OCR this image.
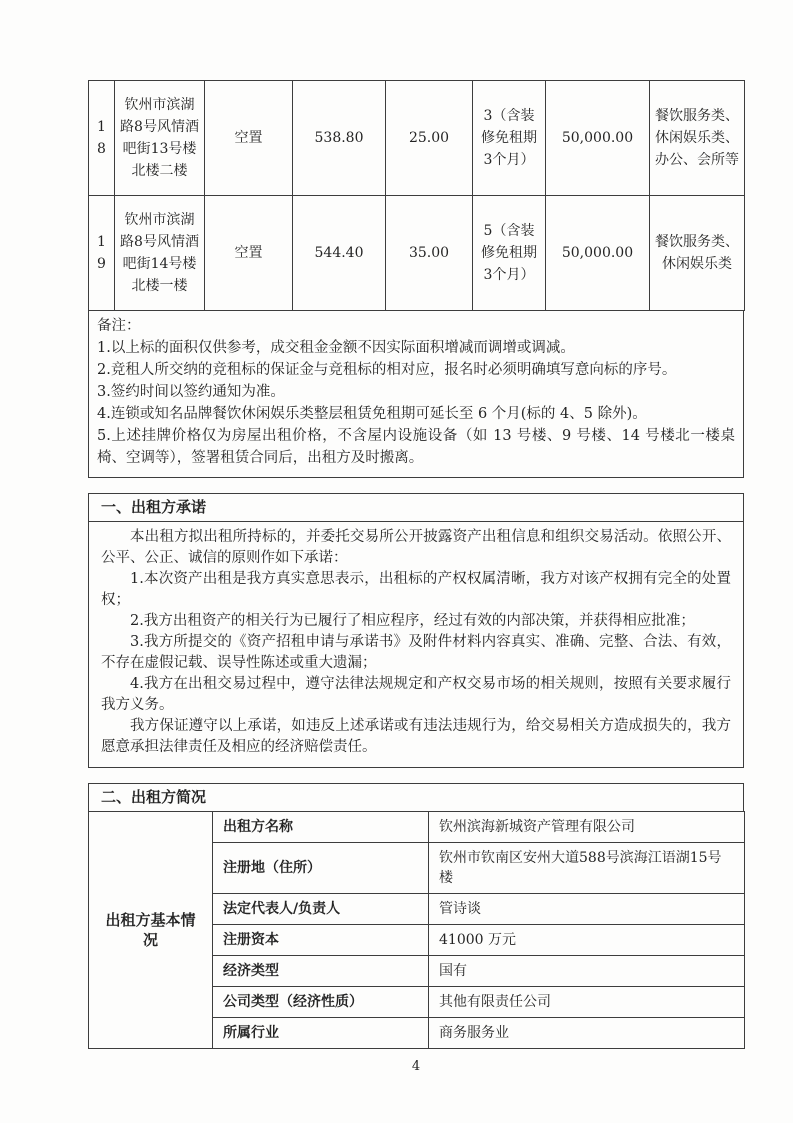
18	钦州市滨湖路8号风情酒吧街13号楼北楼二楼	空置	538.80	25.00	3（含装修免租期3个月）	50,000.00	餐饮服务类、休闲娱乐类、办公、会所等
19	钦州市滨湖路8号风情酒吧街14号楼北楼一楼	空置	544.40	35.00	5（含装修免租期3个月）	50,000.00	餐饮服务类、休闲娱乐类
备注：
1.以上标的面积仅供参考，成交租金金额不因实际面积增减而调增或调减。
2.竞租人所交纳的竞租标的保证金与竞租标的相对应，报名时必须明确填写意向标的序号。
3.签约时间以签约通知为准。
4.连锁或知名品牌餐饮休闲娱乐类整层租赁免租期可延长至 6 个月(标的 4、5 除外)。
5.上述挂牌价格仅为房屋出租价格，不含屋内设施设备（如 13 号楼、9 号楼、14 号楼北一楼桌椅、空调等），签署租赁合同后，出租方及时搬离。
一、出租方承诺

本出租方拟出租所持标的，并委托交易所公开披露资产出租信息和组织交易活动。依照公开、公平、公正、诚信的原则作如下承诺：

1.本次资产出租是我方真实意思表示，出租标的产权权属清晰，我方对该产权拥有完全的处置权；

2.我方出租资产的相关行为已履行了相应程序，经过有效的内部决策，并获得相应批准；

3.我方所提交的《资产招租申请与承诺书》及附件材料内容真实、准确、完整、合法、有效，不存在虚假记载、误导性陈述或重大遗漏；

4.我方在出租交易过程中，遵守法律法规规定和产权交易市场的相关规则，按照有关要求履行我方义务。

我方保证遵守以上承诺，如违反上述承诺或有违法违规行为，给交易相关方造成损失的，我方愿意承担法律责任及相应的经济赔偿责任。

二、出租方简况
出租方基本情况	出租方名称	钦州滨海新城资产管理有限公司
	注册地（住所）	钦州市钦南区安州大道588号滨海江语湖15号楼
	法定代表人/负责人	管诗谈
	注册资本	41000 万元
	经济类型	国有
	公司类型（经济性质）	其他有限责任公司
	所属行业	商务服务业
4
